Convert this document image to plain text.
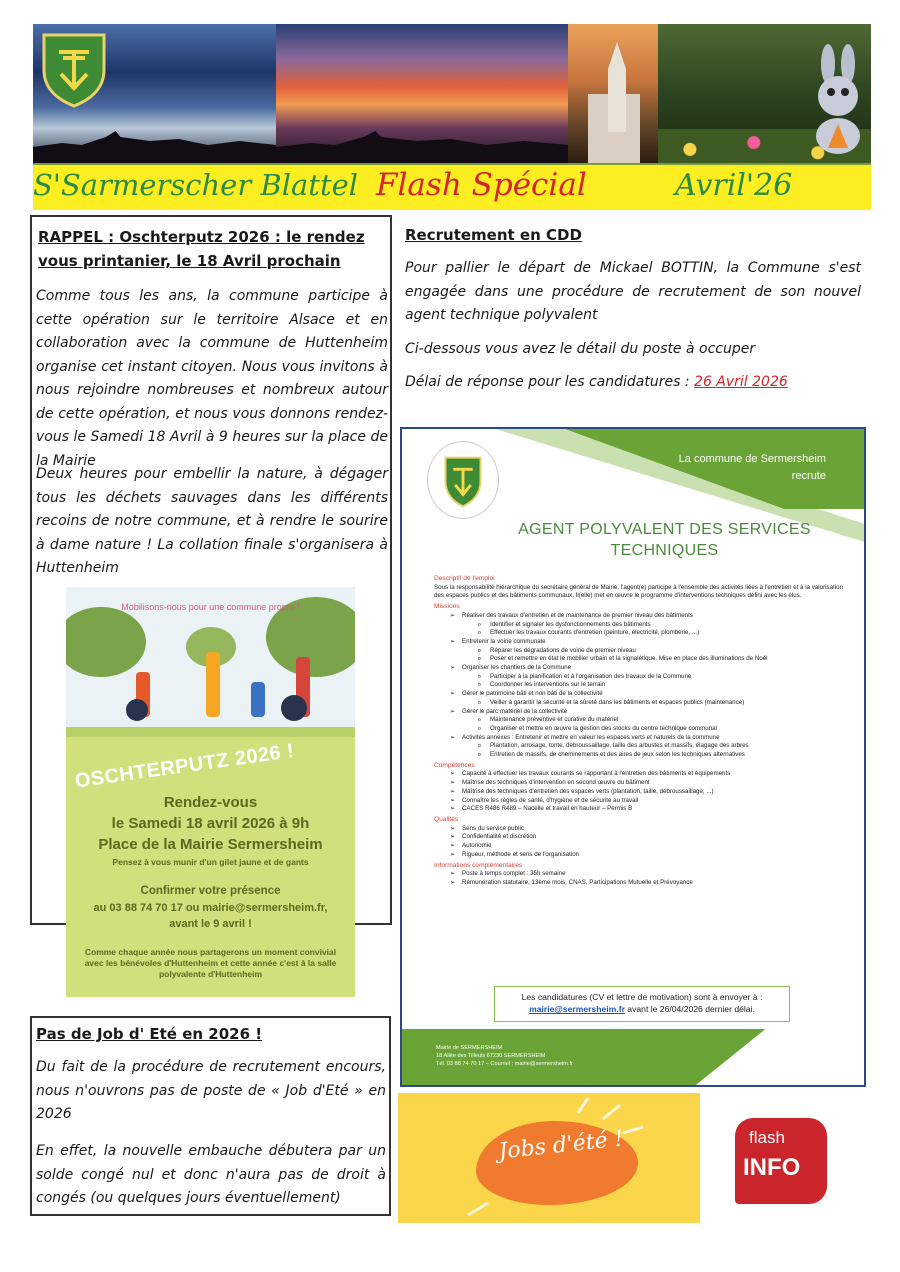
S'Sarmerscher Blattel Flash Spécial	Avril'26
RAPPEL : Oschterputz 2026 : le rendez vous printanier, le 18 Avril prochain

Comme tous les ans, la commune participe à cette opération sur le territoire Alsace et en collaboration avec la commune de Huttenheim organise cet instant citoyen. Nous vous invitons à nous rejoindre nombreuses et nombreux autour de cette opération, et nous vous donnons rendez-vous le Samedi 18 Avril à 9 heures sur la place de la Mairie

Deux heures pour embellir la nature, à dégager tous les déchets sauvages dans les différents recoins de notre commune, et à rendre le sourire à dame nature ! La collation finale s'organisera à Huttenheim

Mobilisons-nous pour une commune propre !
OSCHTERPUTZ 2026 !
Rendez-vous
le Samedi 18 avril 2026 à 9h
Place de la Mairie Sermersheim
Pensez à vous munir d'un gilet jaune et de gants
Confirmer votre présence
au 03 88 74 70 17 ou mairie@sermersheim.fr,
avant le 9 avril !
Comme chaque année nous partagerons un moment convivial avec les bénévoles d'Huttenheim et cette année c'est à la salle polyvalente d'Huttenheim
Pas de Job d' Eté en 2026 !

Du fait de la procédure de recrutement encours, nous n'ouvrons pas de poste de « Job d'Eté » en 2026

En effet, la nouvelle embauche débutera par un solde congé nul et donc n'aura pas de droit à congés (ou quelques jours éventuellement)

Recrutement en CDD

Pour pallier le départ de Mickael BOTTIN, la Commune s'est engagée dans une procédure de recrutement de son nouvel agent technique polyvalent

Ci-dessous vous avez le détail du poste à occuper

Délai de réponse pour les candidatures : 26 Avril 2026

La commune de Sermersheim
recrute
AGENT POLYVALENT DES SERVICES TECHNIQUES
Descriptif de l'emploi
Sous la responsabilité hiérarchique du secrétaire général de Mairie, l'agent(e) participe à l'ensemble des activités liées à l'entretien et à la valorisation des espaces publics et des bâtiments communaux. Il(elle) met en œuvre le programme d'interventions techniques défini avec les élus.
Missions
➢ Réaliser des travaux d'entretien et de maintenance de premier niveau des bâtiments
o Identifier et signaler les dysfonctionnements des bâtiments
o Effectuer les travaux courants d'entretien (peinture, électricité, plomberie, ...)
➢ Entretenir la voirie communale
o Réparer les dégradations de voirie de premier niveau
o Poser et remettre en état le mobilier urbain et la signalétique. Mise en place des illuminations de Noël
➢ Organiser les chantiers de la Commune
o Participer à la planification et à l'organisation des travaux de la Commune
o Coordonner les interventions sur le terrain
➢ Gérer le patrimoine bâti et non bâti de la collectivité
o Veiller à garantir la sécurité et la sûreté dans les bâtiments et espaces publics (maintenance)
➢ Gérer le parc matériel de la collectivité
o Maintenance préventive et curative du matériel
o Organiser et mettre en œuvre la gestion des stocks du centre technique communal
➢ Activités annexes : Entretenir et mettre en valeur les espaces verts et naturels de la commune
o Plantation, arrosage, tonte, débroussaillage, taille des arbustes et massifs, élagage des arbres
o Entretien de massifs, de cheminements et des aires de jeux selon les techniques alternatives
Compétences
➢ Capacité à effectuer les travaux courants se rapportant à l'entretien des bâtiments et équipements
➢ Maîtrise des techniques d'intervention en second œuvre du bâtiment
➢ Maîtrise des techniques d'entretien des espaces verts (plantation, taille, débroussaillage, ...)
➢ Connaître les règles de santé, d'hygiène et de sécurité au travail
➢ CACES R486 R489 – Nacelle et travail en hauteur – Permis B
Qualités
➢ Sens du service public
➢ Confidentialité et discrétion
➢ Autonomie
➢ Rigueur, méthode et sens de l'organisation
Informations complémentaires
➢ Poste à temps complet : 35h semaine
➢ Rémunération statutaire, 13ème mois, CNAS, Participations Mutuelle et Prévoyance
Les candidatures (CV et lettre de motivation) sont à envoyer à :
mairie@sermersheim.fr avant le 26/04/2026 dernier délai.
Mairie de SERMERSHEIM
18 Allée des Tilleuls 67230 SERMERSHEIM
Tél. 03 88 74 70 17 – Courriel : mairie@sermersheim.fr
Jobs d'été !	flash
INFO
